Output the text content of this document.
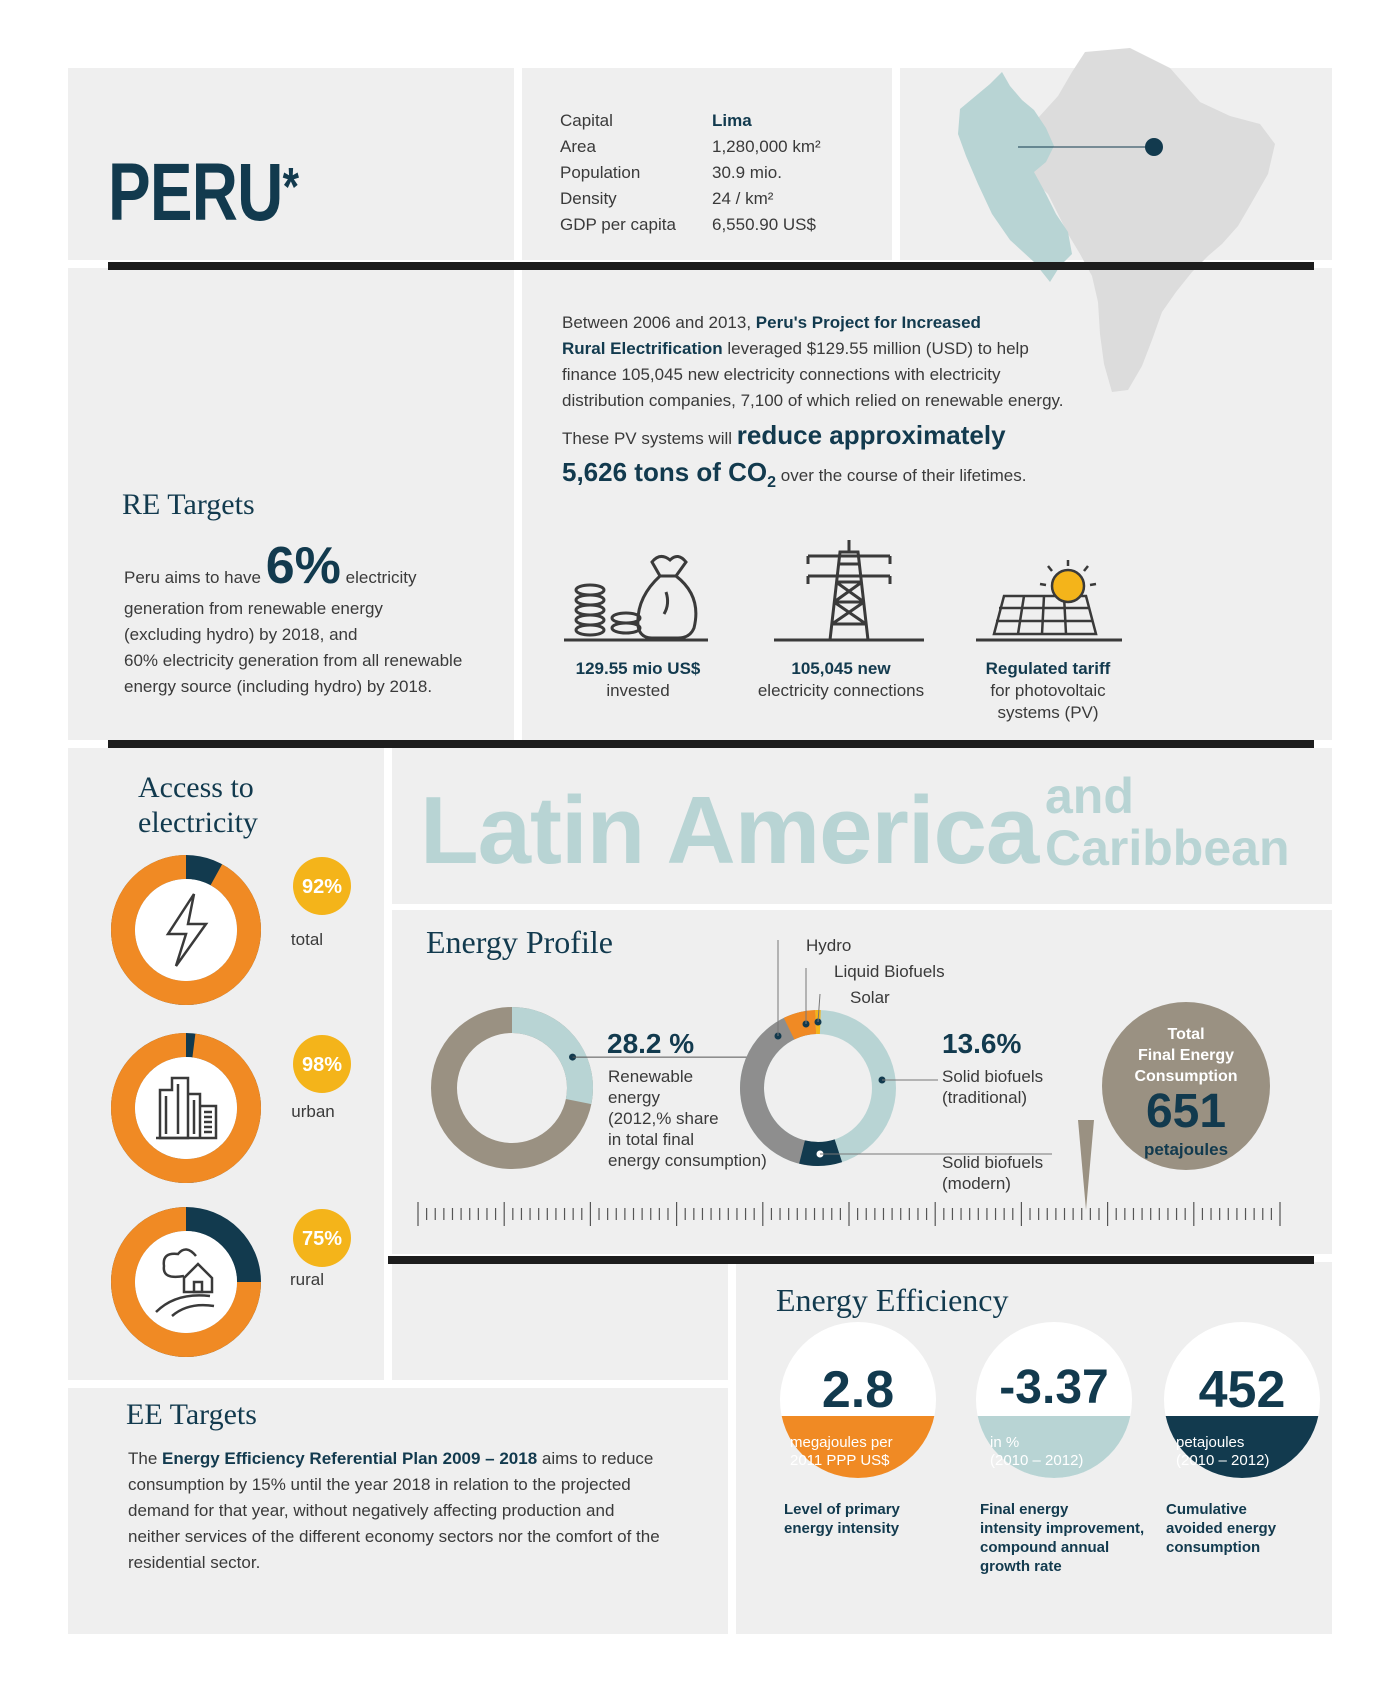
PERU*
Capital	Lima
Area	1,280,000 km²
Population	30.9 mio.
Density	24 / km²
GDP per capita 6,550.90 US$
Between 2006 and 2013, Peru's Project for Increased
Rural Electrification leveraged $129.55 million (USD) to help
finance 105,045 new electricity connections with electricity
distribution companies, 7,100 of which relied on renewable energy.
These PV systems will reduce approximately
5,626 tons of $CO_2$ over the course of their lifetimes.
129.55 mio US$
invested
105,045 new
electricity connections
Regulated tariff
for photovoltaic
systems (PV)
RE Targets
Peru aims to have 6% electricity
generation from renewable energy
(excluding hydro) by 2018, and
60% electricity generation from all renewable
energy source (including hydro) by 2018.
Access to
electricity
92%
98%
75%
total
urban
rural
Latin America and
Caribbean
Energy Profile
28.2 %
Renewable
energy
(2012,% share
in total final
energy consumption)
Hydro
Liquid Biofuels
Solar
13.6%
Solid biofuels
(traditional)
Solid biofuels
(modern)
Total
Final Energy
Consumption
651
petajoules
Energy Efficiency
2.8
megajoules per
2011 PPP US$
Level of primary
energy intensity
-3.37
in %
(2010 – 2012)
Final energy
intensity improvement,
compound annual
growth rate
452
petajoules
(2010 – 2012)
Cumulative
avoided energy
consumption
EE Targets
The Energy Efficiency Referential Plan 2009 – 2018 aims to reduce
consumption by 15% until the year 2018 in relation to the projected
demand for that year, without negatively affecting production and
neither services of the different economy sectors nor the comfort of the
residential sector.
